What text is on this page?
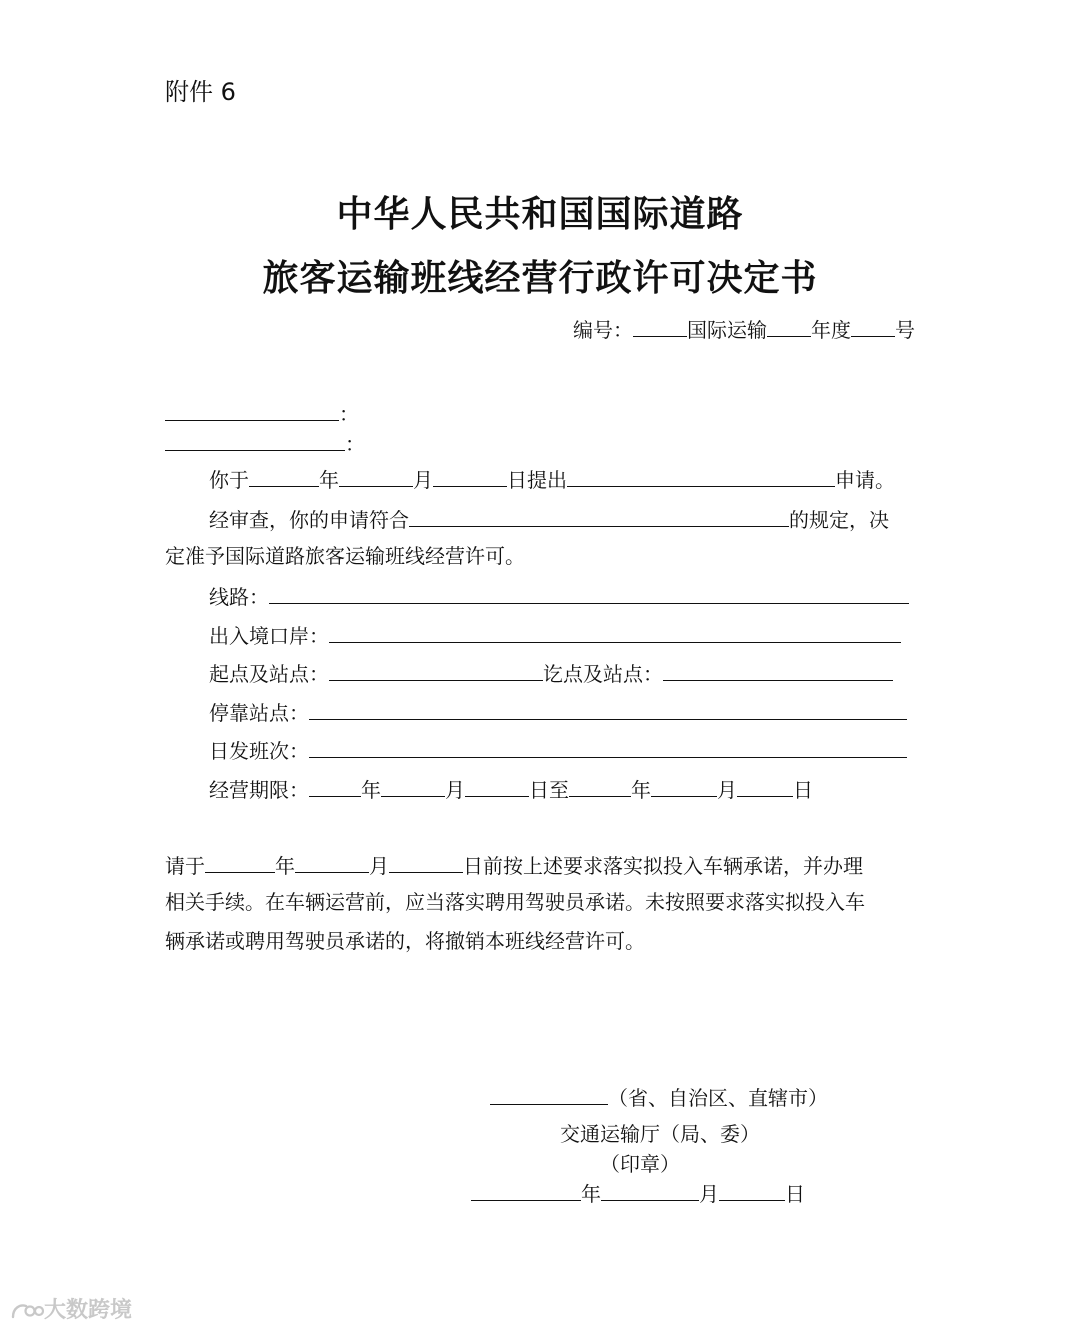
附件 6
中华人民共和国国际道路
旅客运输班线经营行政许可决定书
编号：	国际运输 年度 号
：
：
你于	年	月	日提出	申请。
经审查，你的申请符合	的规定，决
定准予国际道路旅客运输班线经营许可。
线路：
出入境口岸：
起点及站点：	讫点及站点：
停靠站点：
日发班次：
经营期限：	年	月	日至	年	月	日
请于	年	月	日前按上述要求落实拟投入车辆承诺，并办理
相关手续。在车辆运营前，应当落实聘用驾驶员承诺。未按照要求落实拟投入车
辆承诺或聘用驾驶员承诺的，将撤销本班线经营许可。
（省、自治区、直辖市）
交通运输厅（局、委）
（印章）
年	月	日
大数跨境
